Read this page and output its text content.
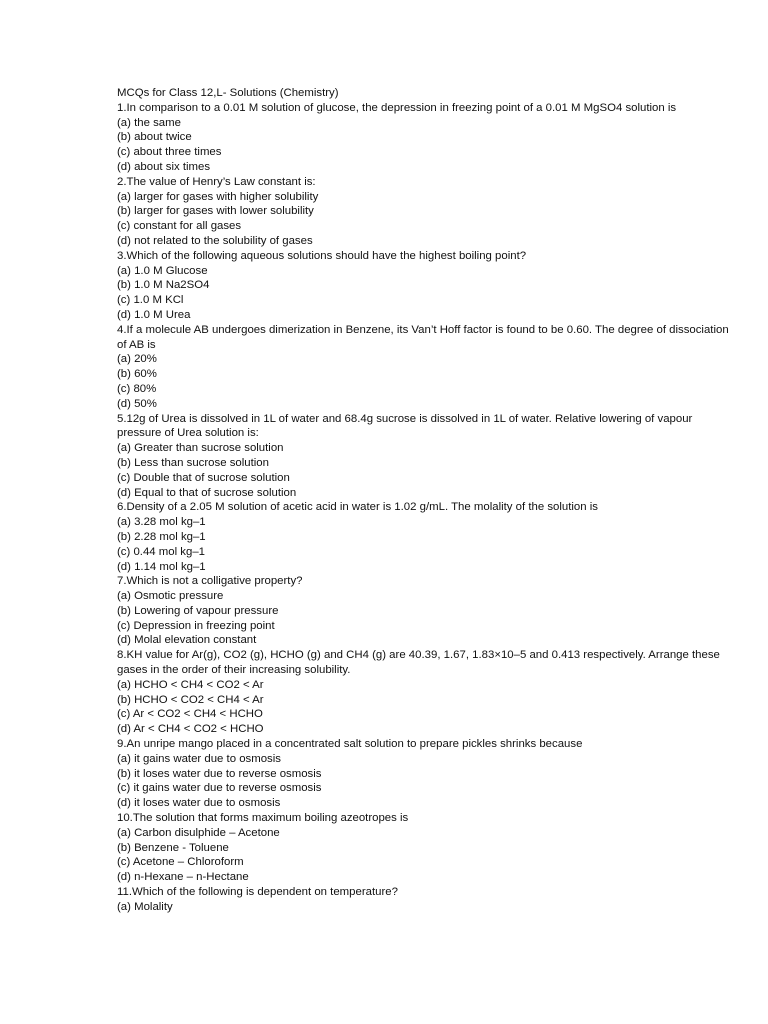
MCQs for Class 12,L- Solutions (Chemistry)
1.In comparison to a 0.01 M solution of glucose, the depression in freezing point of a 0.01 M MgSO4 solution is
(a) the same
(b) about twice
(c) about three times
(d) about six times
2.The value of Henry’s Law constant is:
(a) larger for gases with higher solubility
(b) larger for gases with lower solubility
(c) constant for all gases
(d) not related to the solubility of gases
3.Which of the following aqueous solutions should have the highest boiling point?
(a) 1.0 M Glucose
(b) 1.0 M Na2SO4
(c) 1.0 M KCl
(d) 1.0 M Urea
4.If a molecule AB undergoes dimerization in Benzene, its Van’t Hoff factor is found to be 0.60. The degree of dissociation of AB is
(a) 20%
(b) 60%
(c) 80%
(d) 50%
5.12g of Urea is dissolved in 1L of water and 68.4g sucrose is dissolved in 1L of water. Relative lowering of vapour pressure of Urea solution is:
(a) Greater than sucrose solution
(b) Less than sucrose solution
(c) Double that of sucrose solution
(d) Equal to that of sucrose solution
6.Density of a 2.05 M solution of acetic acid in water is 1.02 g/mL. The molality of the solution is
(a) 3.28 mol kg–1
(b) 2.28 mol kg–1
(c) 0.44 mol kg–1
(d) 1.14 mol kg–1
7.Which is not a colligative property?
(a) Osmotic pressure
(b) Lowering of vapour pressure
(c) Depression in freezing point
(d) Molal elevation constant
8.KH value for Ar(g), CO2 (g), HCHO (g) and CH4 (g) are 40.39, 1.67, 1.83×10–5 and 0.413 respectively. Arrange these gases in the order of their increasing solubility.
(a) HCHO < CH4 < CO2 < Ar
(b) HCHO < CO2 < CH4 < Ar
(c) Ar < CO2 < CH4 < HCHO
(d) Ar < CH4 < CO2 < HCHO
9.An unripe mango placed in a concentrated salt solution to prepare pickles shrinks because
(a) it gains water due to osmosis
(b) it loses water due to reverse osmosis
(c) it gains water due to reverse osmosis
(d) it loses water due to osmosis
10.The solution that forms maximum boiling azeotropes is
(a) Carbon disulphide – Acetone
(b) Benzene - Toluene
(c) Acetone – Chloroform
(d) n-Hexane – n-Hectane
11.Which of the following is dependent on temperature?
(a) Molality
